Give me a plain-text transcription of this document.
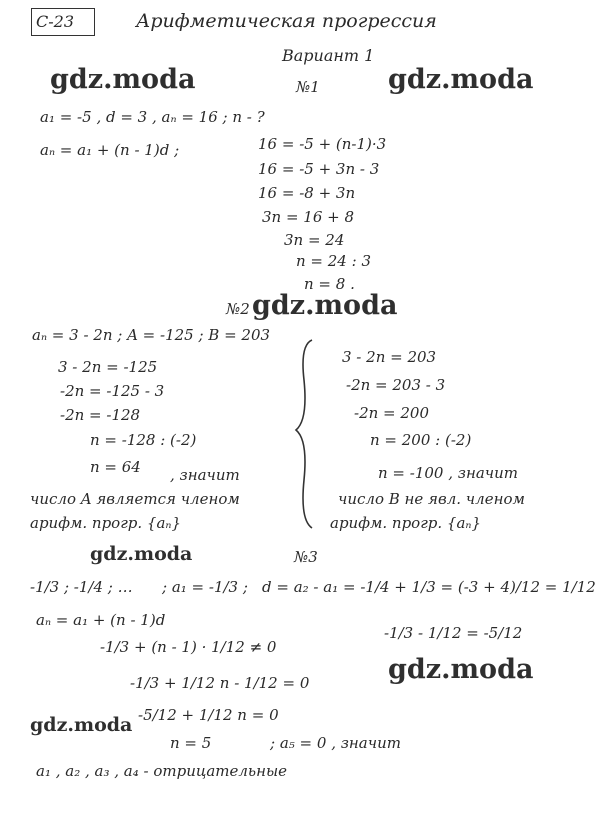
С-23	Арифметическая прогрессия
Вариант 1
gdz.moda	gdz.moda
gdz.moda
gdz.moda
gdz.moda
gdz.moda
№1
a₁ = -5 , d = 3 , aₙ = 16 ; n - ?
aₙ = a₁ + (n - 1)d ;	16 = -5 + (n-1)·3
16 = -5 + 3n - 3
16 = -8 + 3n
3n = 16 + 8
3n = 24
n = 24 : 3
n = 8 .
№2
aₙ = 3 - 2n ; A = -125 ; B = 203
3 - 2n = -125
-2n = -125 - 3
-2n = -128
n = -128 : (-2)
n = 64 , значит
число A является членом
арифм. прогр. {aₙ}
3 - 2n = 203
-2n = 203 - 3
-2n = 200
n = 200 : (-2)
n = -100 , значит
число B не явл. членом
арифм. прогр. {aₙ}
№3
-1/3 ; -1/4 ; … ; a₁ = -1/3 ; d = a₂ - a₁ = -1/4 + 1/3 = (-3 + 4)/12 = 1/12
-1/3 - 1/12 = -5/12
aₙ = a₁ + (n - 1)d
-1/3 + (n - 1) · 1/12 ≠ 0
-1/3 + 1/12 n - 1/12 = 0
-5/12 + 1/12 n = 0
n = 5	; a₅ = 0 , значит
a₁ , a₂ , a₃ , a₄ - отрицательные
